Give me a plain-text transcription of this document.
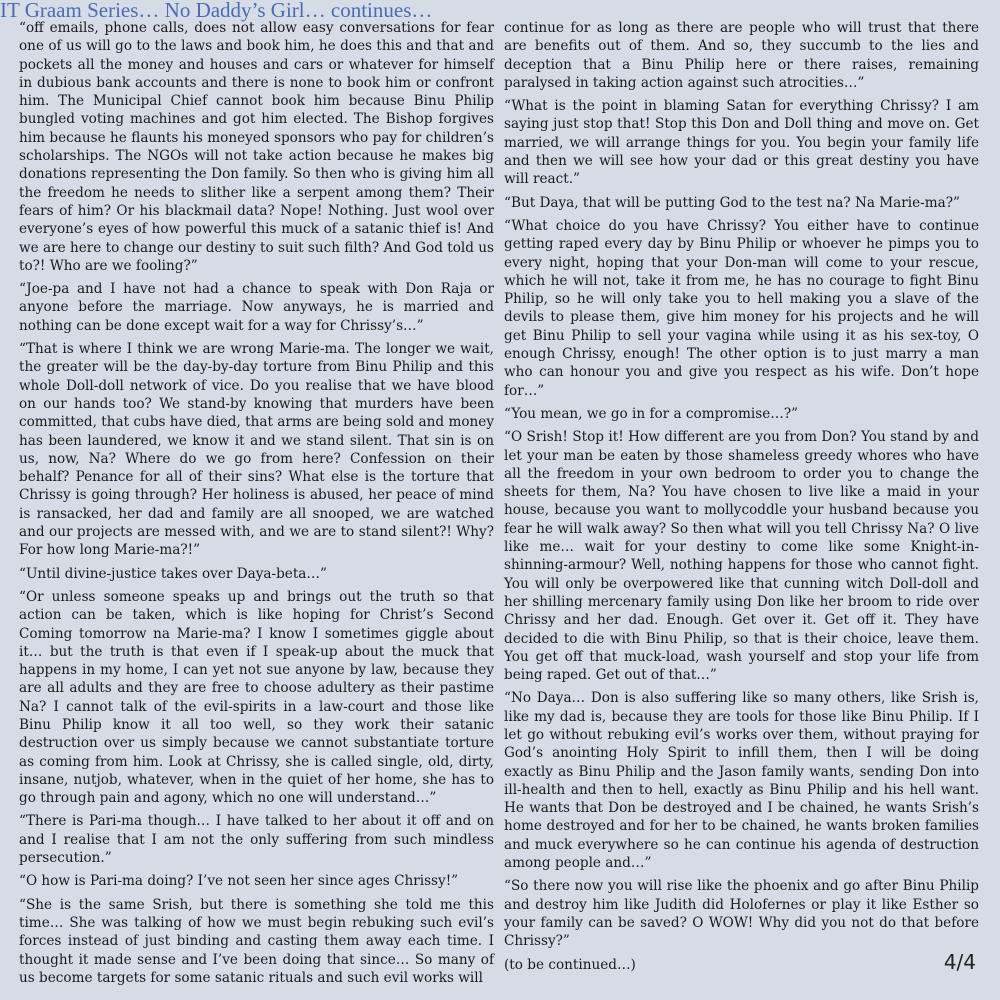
IT Graam Series… No Daddy’s Girl… continues…

“off emails, phone calls, does not allow easy conversations for fear one of us will go to the laws and book him, he does this and that and pockets all the money and houses and cars or whatever for himself in dubious bank accounts and there is none to book him or confront him. The Municipal Chief cannot book him because Binu Philip bungled voting machines and got him elected. The Bishop forgives him because he flaunts his moneyed sponsors who pay for children’s scholarships. The NGOs will not take action because he makes big donations representing the Don family. So then who is giving him all the freedom he needs to slither like a serpent among them? Their fears of him? Or his blackmail data? Nope! Nothing. Just wool over everyone’s eyes of how powerful this muck of a satanic thief is! And we are here to change our destiny to suit such filth? And God told us to?! Who are we fooling?”

“Joe-pa and I have not had a chance to speak with Don Raja or anyone before the marriage. Now anyways, he is married and nothing can be done except wait for a way for Chrissy’s…”

“That is where I think we are wrong Marie-ma. The longer we wait, the greater will be the day-by-day torture from Binu Philip and this whole Doll-doll network of vice. Do you realise that we have blood on our hands too? We stand-by knowing that murders have been committed, that cubs have died, that arms are being sold and money has been laundered, we know it and we stand silent. That sin is on us, now, Na? Where do we go from here? Confession on their behalf? Penance for all of their sins? What else is the torture that Chrissy is going through? Her holiness is abused, her peace of mind is ransacked, her dad and family are all snooped, we are watched and our projects are messed with, and we are to stand silent?! Why? For how long Marie-ma?!”

“Until divine-justice takes over Daya-beta…”

“Or unless someone speaks up and brings out the truth so that action can be taken, which is like hoping for Christ’s Second Coming tomorrow na Marie-ma? I know I sometimes giggle about it… but the truth is that even if I speak-up about the muck that happens in my home, I can yet not sue anyone by law, because they are all adults and they are free to choose adultery as their pastime Na? I cannot talk of the evil-spirits in a law-court and those like Binu Philip know it all too well, so they work their satanic destruction over us simply because we cannot substantiate torture as coming from him. Look at Chrissy, she is called single, old, dirty, insane, nutjob, whatever, when in the quiet of her home, she has to go through pain and agony, which no one will understand…”

“There is Pari-ma though… I have talked to her about it off and on and I realise that I am not the only suffering from such mindless persecution.”

“O how is Pari-ma doing? I’ve not seen her since ages Chrissy!”

“She is the same Srish, but there is something she told me this time… She was talking of how we must begin rebuking such evil’s forces instead of just binding and casting them away each time. I thought it made sense and I’ve been doing that since… So many of us become targets for some satanic rituals and such evil works will

continue for as long as there are people who will trust that there are benefits out of them. And so, they succumb to the lies and deception that a Binu Philip here or there raises, remaining paralysed in taking action against such atrocities…”

“What is the point in blaming Satan for everything Chrissy? I am saying just stop that! Stop this Don and Doll thing and move on. Get married, we will arrange things for you. You begin your family life and then we will see how your dad or this great destiny you have will react.”

“But Daya, that will be putting God to the test na? Na Marie-ma?”

“What choice do you have Chrissy? You either have to continue getting raped every day by Binu Philip or whoever he pimps you to every night, hoping that your Don-man will come to your rescue, which he will not, take it from me, he has no courage to fight Binu Philip, so he will only take you to hell making you a slave of the devils to please them, give him money for his projects and he will get Binu Philip to sell your vagina while using it as his sex-toy, O enough Chrissy, enough! The other option is to just marry a man who can honour you and give you respect as his wife. Don’t hope for…”

“You mean, we go in for a compromise…?”

“O Srish! Stop it! How different are you from Don? You stand by and let your man be eaten by those shameless greedy whores who have all the freedom in your own bedroom to order you to change the sheets for them, Na? You have chosen to live like a maid in your house, because you want to mollycoddle your husband because you fear he will walk away? So then what will you tell Chrissy Na? O live like me… wait for your destiny to come like some Knight-in-shinning-armour? Well, nothing happens for those who cannot fight. You will only be overpowered like that cunning witch Doll-doll and her shilling mercenary family using Don like her broom to ride over Chrissy and her dad. Enough. Get over it. Get off it. They have decided to die with Binu Philip, so that is their choice, leave them. You get off that muck-load, wash yourself and stop your life from being raped. Get out of that…”

“No Daya… Don is also suffering like so many others, like Srish is, like my dad is, because they are tools for those like Binu Philip. If I let go without rebuking evil’s works over them, without praying for God’s anointing Holy Spirit to infill them, then I will be doing exactly as Binu Philip and the Jason family wants, sending Don into ill-health and then to hell, exactly as Binu Philip and his hell want. He wants that Don be destroyed and I be chained, he wants Srish’s home destroyed and for her to be chained, he wants broken families and muck everywhere so he can continue his agenda of destruction among people and…”

“So there now you will rise like the phoenix and go after Binu Philip and destroy him like Judith did Holofernes or play it like Esther so your family can be saved? O WOW! Why did you not do that before Chrissy?”

(to be continued…)	4/4
